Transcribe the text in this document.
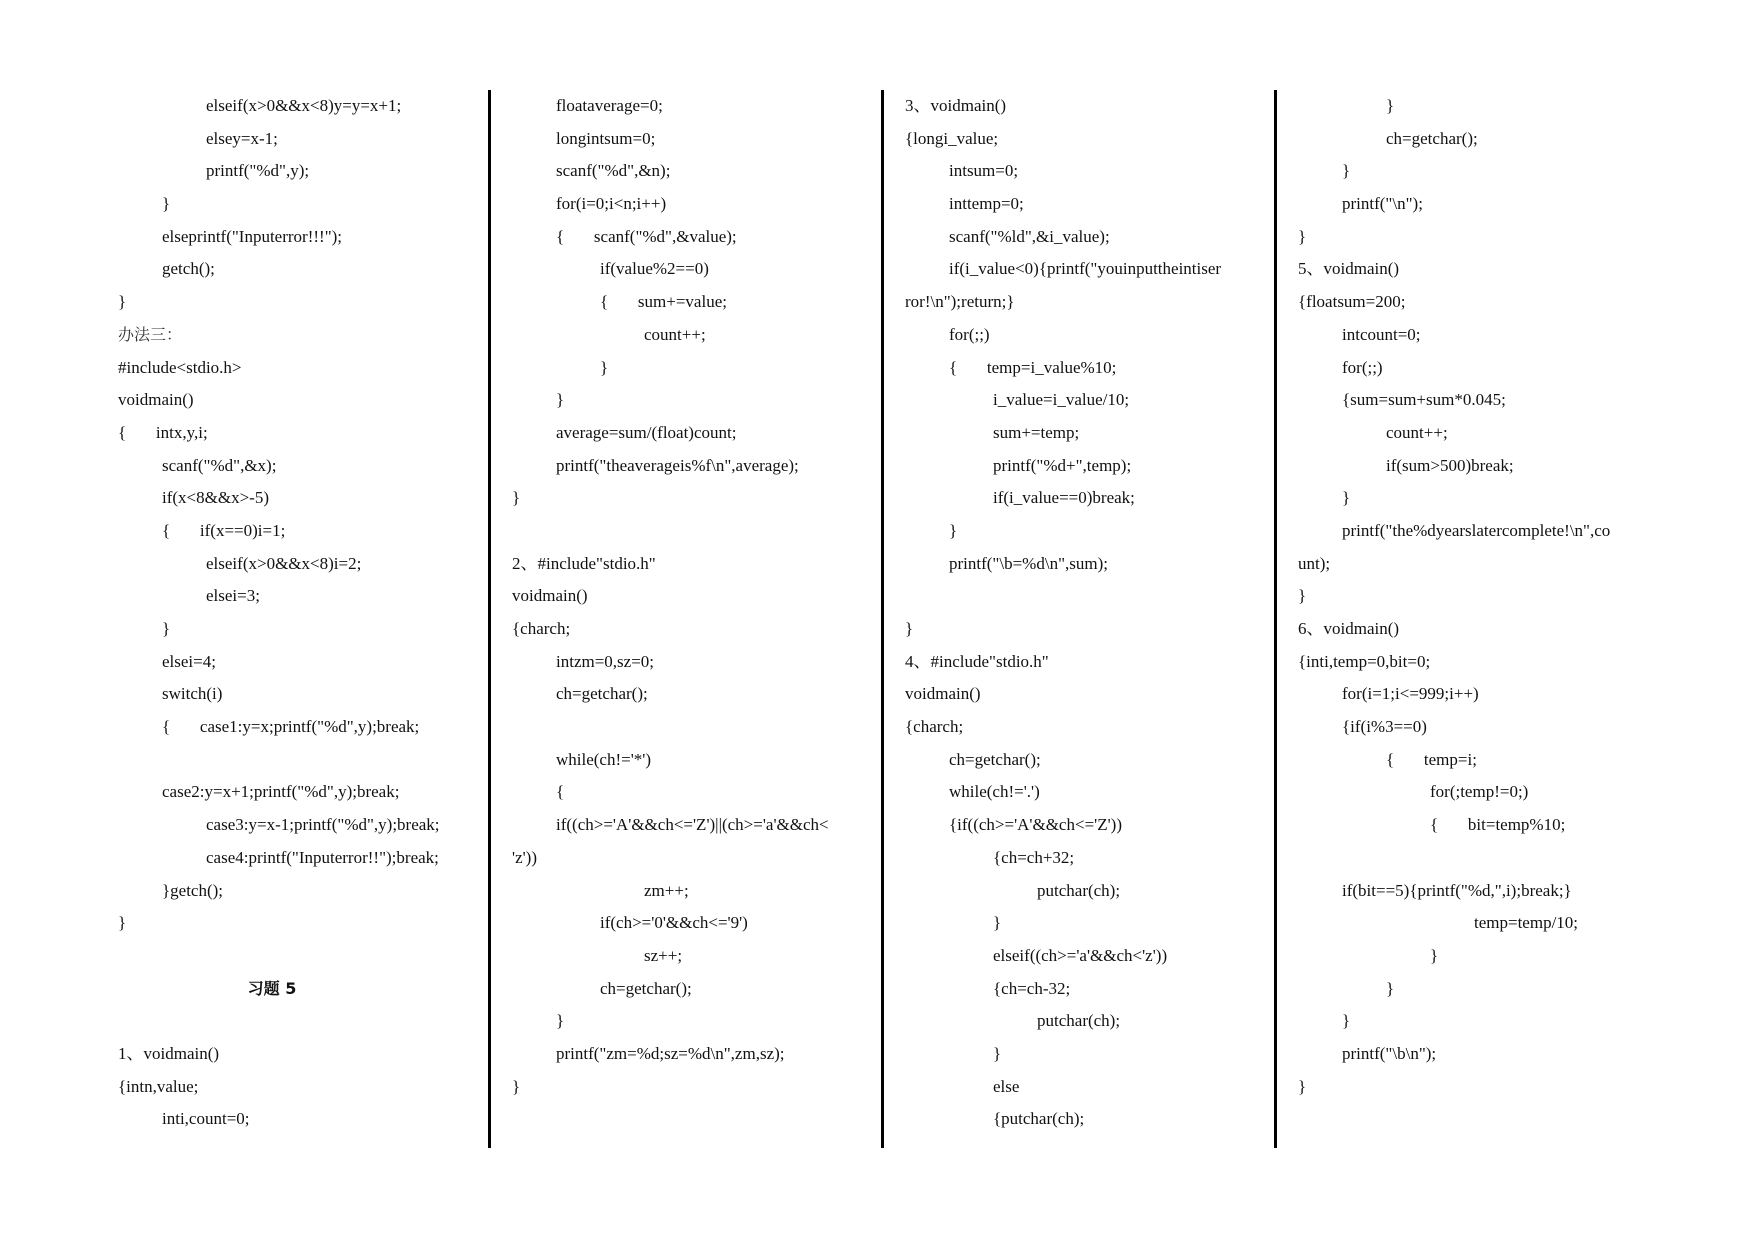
elseif(x>0&&x<8)y=y=x+1;
elsey=x-1;
printf("%d",y);
}
elseprintf("Inputerror!!!");
getch();
}
办法三：
#include<stdio.h>
voidmain()
{       intx,y,i;
scanf("%d",&x);
if(x<8&&x>-5)
{       if(x==0)i=1;
elseif(x>0&&x<8)i=2;
elsei=3;
}
elsei=4;
switch(i)
{       case1:y=x;printf("%d",y);break;
case2:y=x+1;printf("%d",y);break;
case3:y=x-1;printf("%d",y);break;
case4:printf("Inputerror!!");break;
}getch();
}
习题 5
1、voidmain()
{intn,value;
inti,count=0;
floataverage=0;
longintsum=0;
scanf("%d",&n);
for(i=0;i<n;i++)
{       scanf("%d",&value);
if(value%2==0)
{       sum+=value;
count++;
}
}
average=sum/(float)count;
printf("theaverageis%f\n",average);
}
2、#include"stdio.h"
voidmain()
{charch;
intzm=0,sz=0;
ch=getchar();
while(ch!='*')
{
if((ch>='A'&&ch<='Z')||(ch>='a'&&ch<
'z'))
zm++;
if(ch>='0'&&ch<='9')
sz++;
ch=getchar();
}
printf("zm=%d;sz=%d\n",zm,sz);
}
3、voidmain()
{longi_value;
intsum=0;
inttemp=0;
scanf("%ld",&i_value);
if(i_value<0){printf("youinputtheintiser
ror!\n");return;}
for(;;)
{       temp=i_value%10;
i_value=i_value/10;
sum+=temp;
printf("%d+",temp);
if(i_value==0)break;
}
printf("\b=%d\n",sum);
}
4、#include"stdio.h"
voidmain()
{charch;
ch=getchar();
while(ch!='.')
{if((ch>='A'&&ch<='Z'))
{ch=ch+32;
putchar(ch);
}
elseif((ch>='a'&&ch<'z'))
{ch=ch-32;
putchar(ch);
}
else
{putchar(ch);
}
ch=getchar();
}
printf("\n");
}
5、voidmain()
{floatsum=200;
intcount=0;
for(;;)
{sum=sum+sum*0.045;
count++;
if(sum>500)break;
}
printf("the%dyearslatercomplete!\n",co
unt);
}
6、voidmain()
{inti,temp=0,bit=0;
for(i=1;i<=999;i++)
{if(i%3==0)
{       temp=i;
for(;temp!=0;)
{       bit=temp%10;
if(bit==5){printf("%d,",i);break;}
temp=temp/10;
}
}
}
printf("\b\n");
}
